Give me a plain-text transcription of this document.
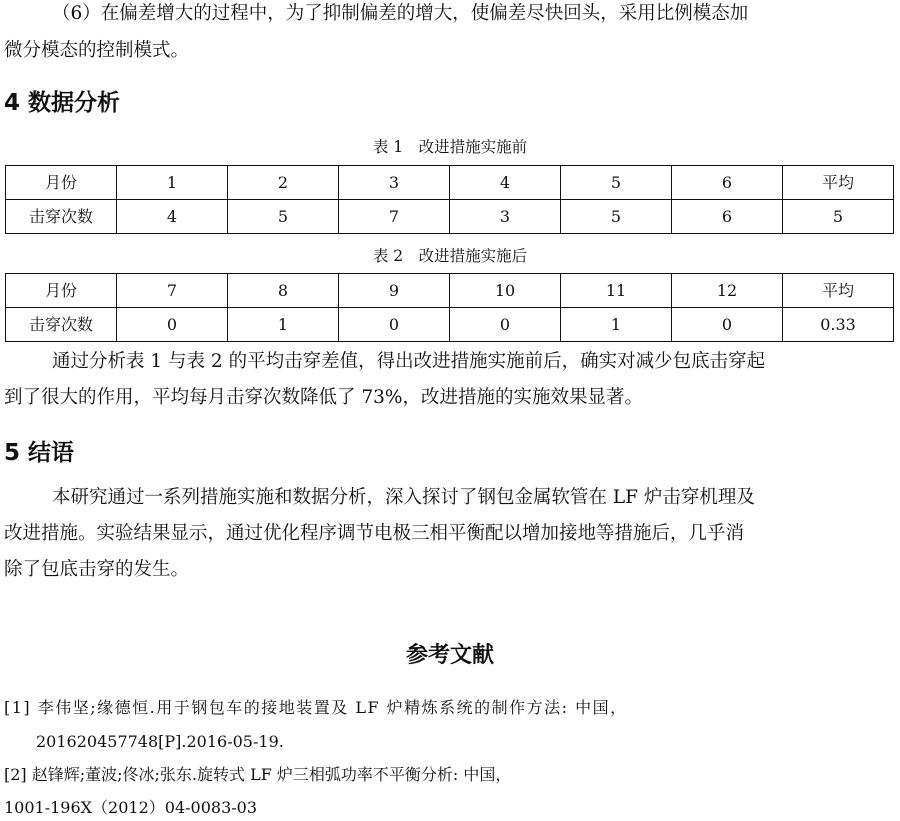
（6）在偏差增大的过程中，为了抑制偏差的增大，使偏差尽快回头，采用比例模态加
微分模态的控制模式。
4 数据分析
表 1　改进措施实施前
月份	1	2	3	4	5	6	平均
击穿次数	4	5	7	3	5	6	5
表 2　改进措施实施后
月份	7	8	9	10	11	12	平均
击穿次数	0	1	0	0	1	0	0.33
通过分析表 1 与表 2 的平均击穿差值，得出改进措施实施前后，确实对减少包底击穿起
到了很大的作用，平均每月击穿次数降低了 73%，改进措施的实施效果显著。
5 结语
本研究通过一系列措施实施和数据分析，深入探讨了钢包金属软管在 LF 炉击穿机理及
改进措施。实验结果显示，通过优化程序调节电极三相平衡配以增加接地等措施后，几乎消
除了包底击穿的发生。
参考文献
[1] 李伟坚;缘德恒.用于钢包车的接地装置及 LF 炉精炼系统的制作方法: 中国，
201620457748[P].2016-05-19.
[2] 赵锋辉;董波;佟冰;张东.旋转式 LF 炉三相弧功率不平衡分析: 中国，
1001-196X（2012）04-0083-03
